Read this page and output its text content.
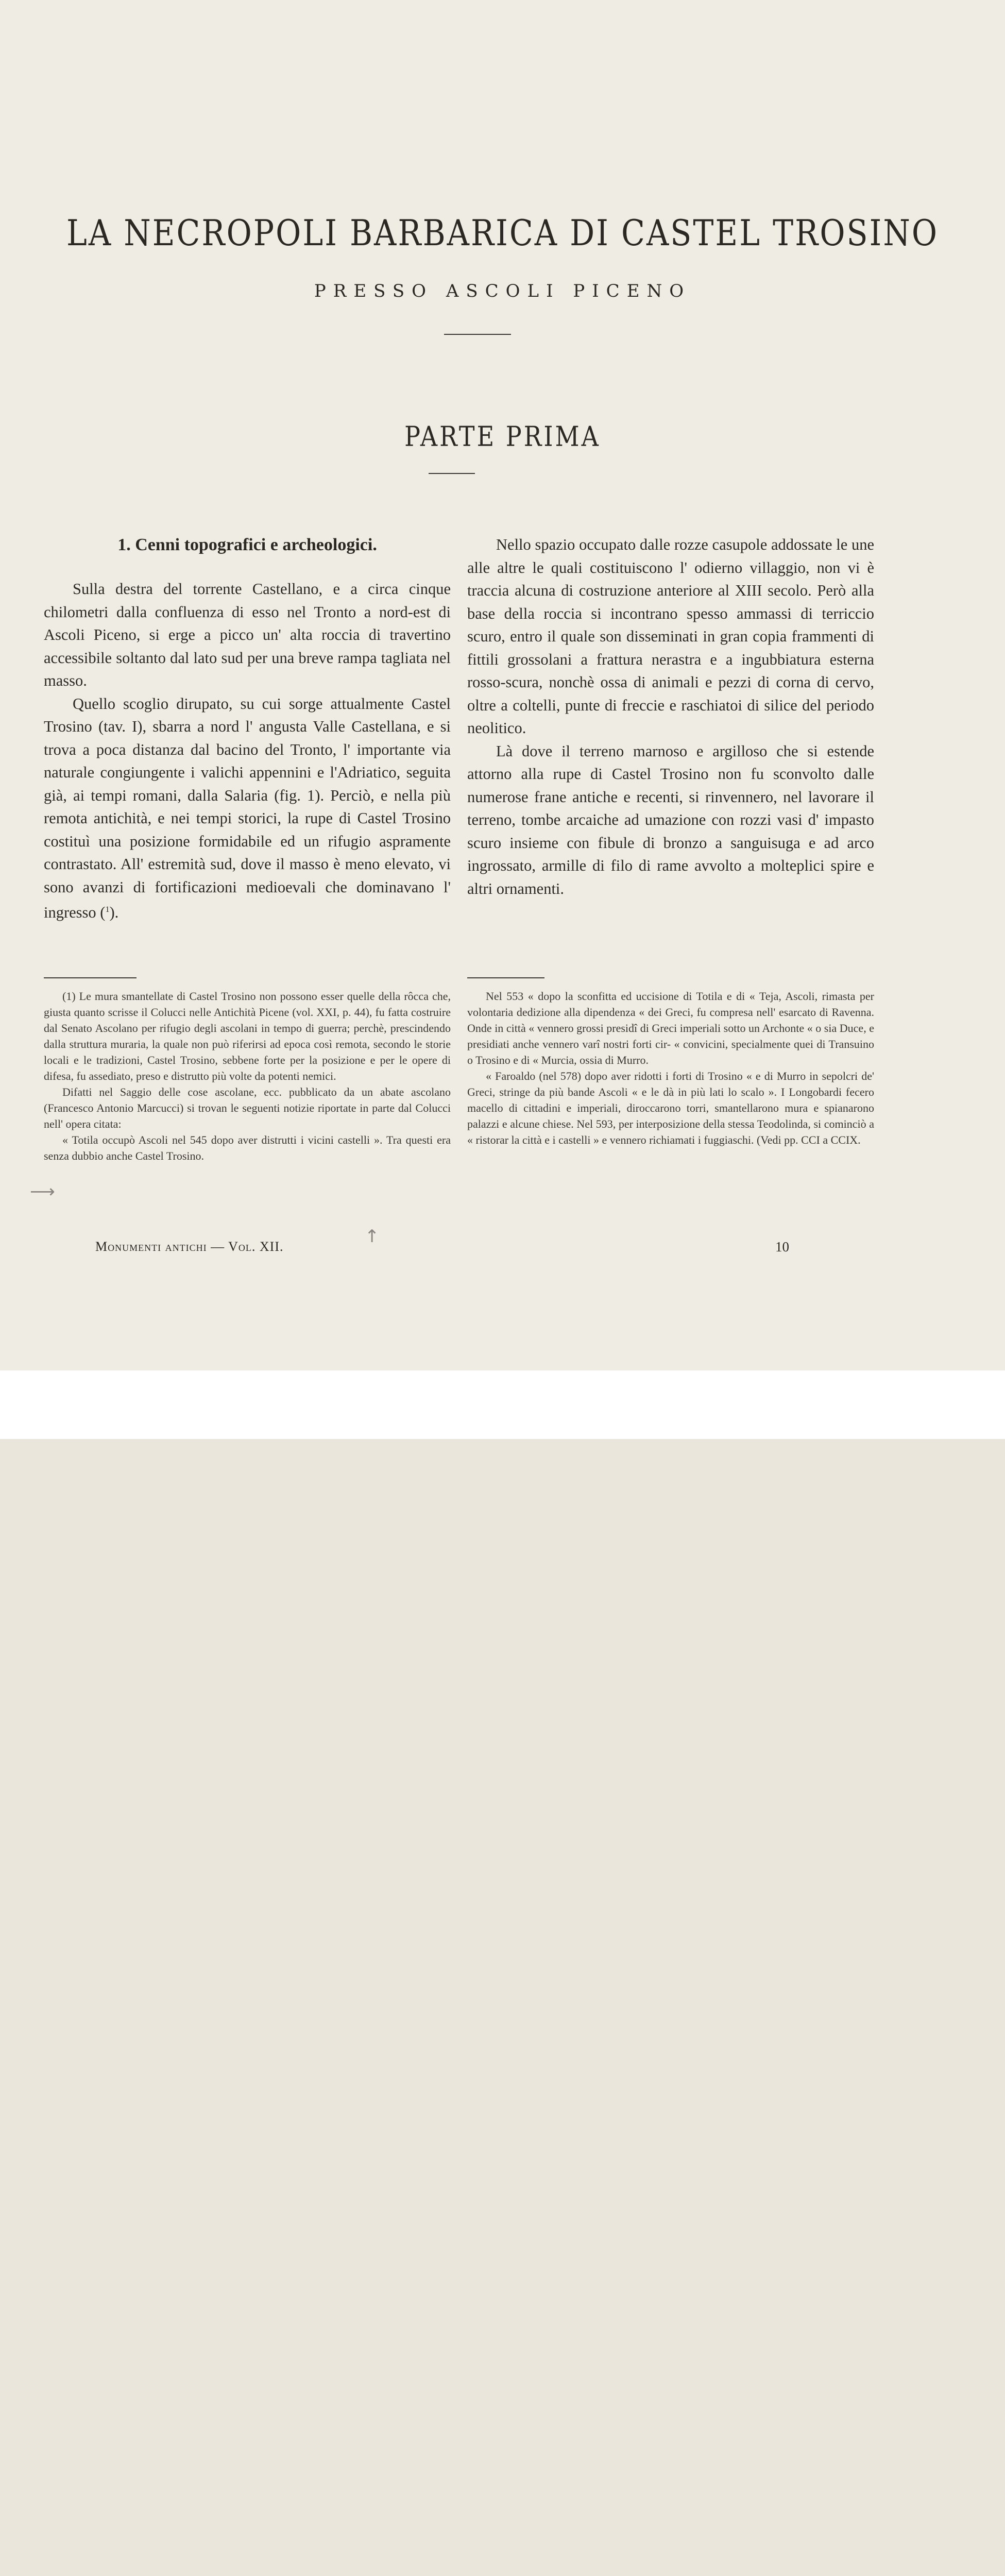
LA NECROPOLI BARBARICA DI CASTEL TROSINO
PRESSO ASCOLI PICENO
PARTE PRIMA
1. Cenni topografici e archeologici.

Sulla destra del torrente Castellano, e a circa cinque chilometri dalla confluenza di esso nel Tronto a nord-est di Ascoli Piceno, si erge a picco un' alta roccia di travertino accessibile soltanto dal lato sud per una breve rampa tagliata nel masso.

Quello scoglio dirupato, su cui sorge attualmente Castel Trosino (tav. I), sbarra a nord l' angusta Valle Castellana, e si trova a poca distanza dal bacino del Tronto, l' importante via naturale congiungente i valichi appennini e l'Adriatico, seguita già, ai tempi romani, dalla Salaria (fig. 1). Perciò, e nella più remota antichità, e nei tempi storici, la rupe di Castel Trosino costituì una posizione formidabile ed un rifugio aspramente contrastato. All' estremità sud, dove il masso è meno elevato, vi sono avanzi di fortificazioni medioevali che dominavano l' ingresso ($^1$).

Nello spazio occupato dalle rozze casupole addossate le une alle altre le quali costituiscono l' odierno villaggio, non vi è traccia alcuna di costruzione anteriore al XIII secolo. Però alla base della roccia si incontrano spesso ammassi di terriccio scuro, entro il quale son disseminati in gran copia frammenti di fittili grossolani a frattura nerastra e a ingubbiatura esterna rosso-scura, nonchè ossa di animali e pezzi di corna di cervo, oltre a coltelli, punte di freccie e raschiatoi di silice del periodo neolitico.

Là dove il terreno marnoso e argilloso che si estende attorno alla rupe di Castel Trosino non fu sconvolto dalle numerose frane antiche e recenti, si rinvennero, nel lavorare il terreno, tombe arcaiche ad umazione con rozzi vasi d' impasto scuro insieme con fibule di bronzo a sanguisuga e ad arco ingrossato, armille di filo di rame avvolto a molteplici spire e altri ornamenti.

(1) Le mura smantellate di Castel Trosino non possono esser quelle della rôcca che, giusta quanto scrisse il Colucci nelle Antichità Picene (vol. XXI, p. 44), fu fatta costruire dal Senato Ascolano per rifugio degli ascolani in tempo di guerra; perchè, prescindendo dalla struttura muraria, la quale non può riferirsi ad epoca così remota, secondo le storie locali e le tradizioni, Castel Trosino, sebbene forte per la posizione e per le opere di difesa, fu assediato, preso e distrutto più volte da potenti nemici.

Difatti nel Saggio delle cose ascolane, ecc. pubblicato da un abate ascolano (Francesco Antonio Marcucci) si trovan le seguenti notizie riportate in parte dal Colucci nell' opera citata:

« Totila occupò Ascoli nel 545 dopo aver distrutti i vicini castelli ». Tra questi era senza dubbio anche Castel Trosino.

Nel 553 « dopo la sconfitta ed uccisione di Totila e di « Teja, Ascoli, rimasta per volontaria dedizione alla dipendenza « dei Greci, fu compresa nell' esarcato di Ravenna. Onde in città « vennero grossi presidî di Greci imperiali sotto un Archonte « o sia Duce, e presidiati anche vennero varî nostri forti cir- « convicini, specialmente quei di Transuino o Trosino e di « Murcia, ossia di Murro.

« Faroaldo (nel 578) dopo aver ridotti i forti di Trosino « e di Murro in sepolcri de' Greci, stringe da più bande Ascoli « e le dà in più lati lo scalo ». I Longobardi fecero macello di cittadini e imperiali, diroccarono torri, smantellarono mura e spianarono palazzi e alcune chiese. Nel 593, per interposizione della stessa Teodolinda, si cominciò a « ristorar la città e i castelli » e vennero richiamati i fuggiaschi. (Vedi pp. CCI a CCIX.

⟶
↑
Monumenti antichi — Vol. XII.	10
